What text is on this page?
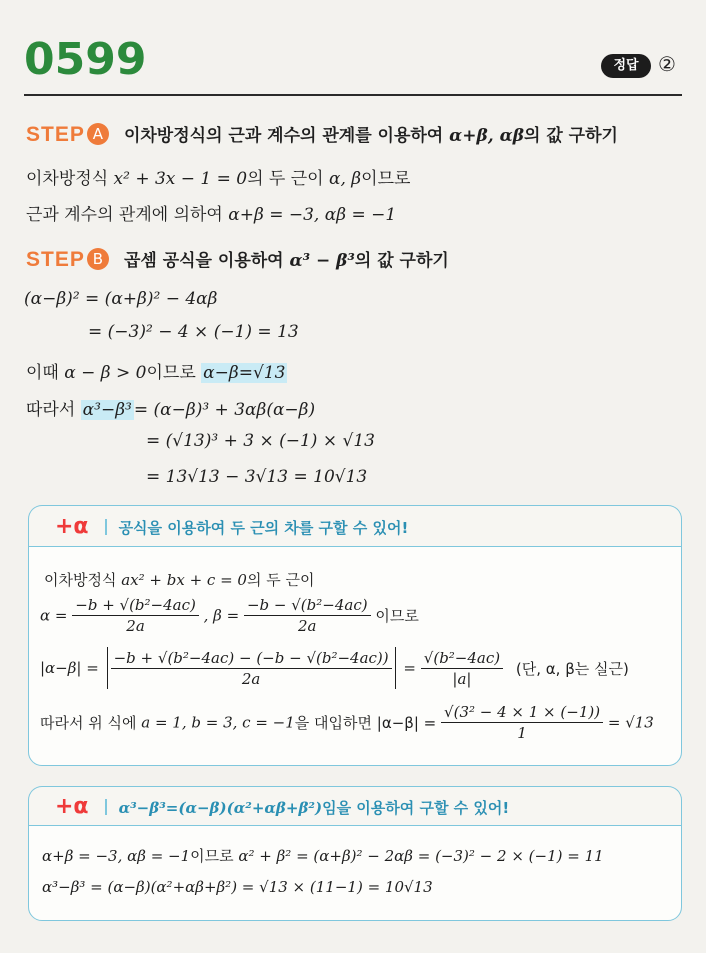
0599	정답 ②
STEP A 이차방정식의 근과 계수의 관계를 이용하여 α+β, αβ의 값 구하기
이차방정식 x² + 3x − 1 = 0의 두 근이 α, β이므로
근과 계수의 관계에 의하여 α+β = −3, αβ = −1
STEP B 곱셈 공식을 이용하여 α³ − β³의 값 구하기
(α−β)² = (α+β)² − 4αβ
= (−3)² − 4 × (−1) = 13
이때 α − β > 0이므로 α−β=√13
따라서 α³−β³ = (α−β)³ + 3αβ(α−β)
= (√13)³ + 3 × (−1) × √13
= 13√13 − 3√13 = 10√13
+α 공식을 이용하여 두 근의 차를 구할 수 있어!
이차방정식 ax² + bx + c = 0의 두 근이
$\alpha = \frac{\text{−b + √(b²−4ac)}}{2a}$ , $\beta = \frac{\text{−b − √(b²−4ac)}}{2a}$ 이므로
$|\alpha-\beta| = \frac{\text{−b + √(b²−4ac) − (−b − √(b²−4ac))}}{2a} = \frac{\text{√(b²−4ac)}}{|a|}$ (단, α, β는 실근)
따라서 위 식에 a = 1, b = 3, c = −1을 대입하면 $|\alpha-\beta| = \frac{\text{√(3² − 4 × 1 × (−1))}}{1} = √13$
+α α³−β³=(α−β)(α²+αβ+β²)임을 이용하여 구할 수 있어!
α+β = −3, αβ = −1이므로 α² + β² = (α+β)² − 2αβ = (−3)² − 2 × (−1) = 11
α³−β³ = (α−β)(α²+αβ+β²) = √13 × (11−1) = 10√13
